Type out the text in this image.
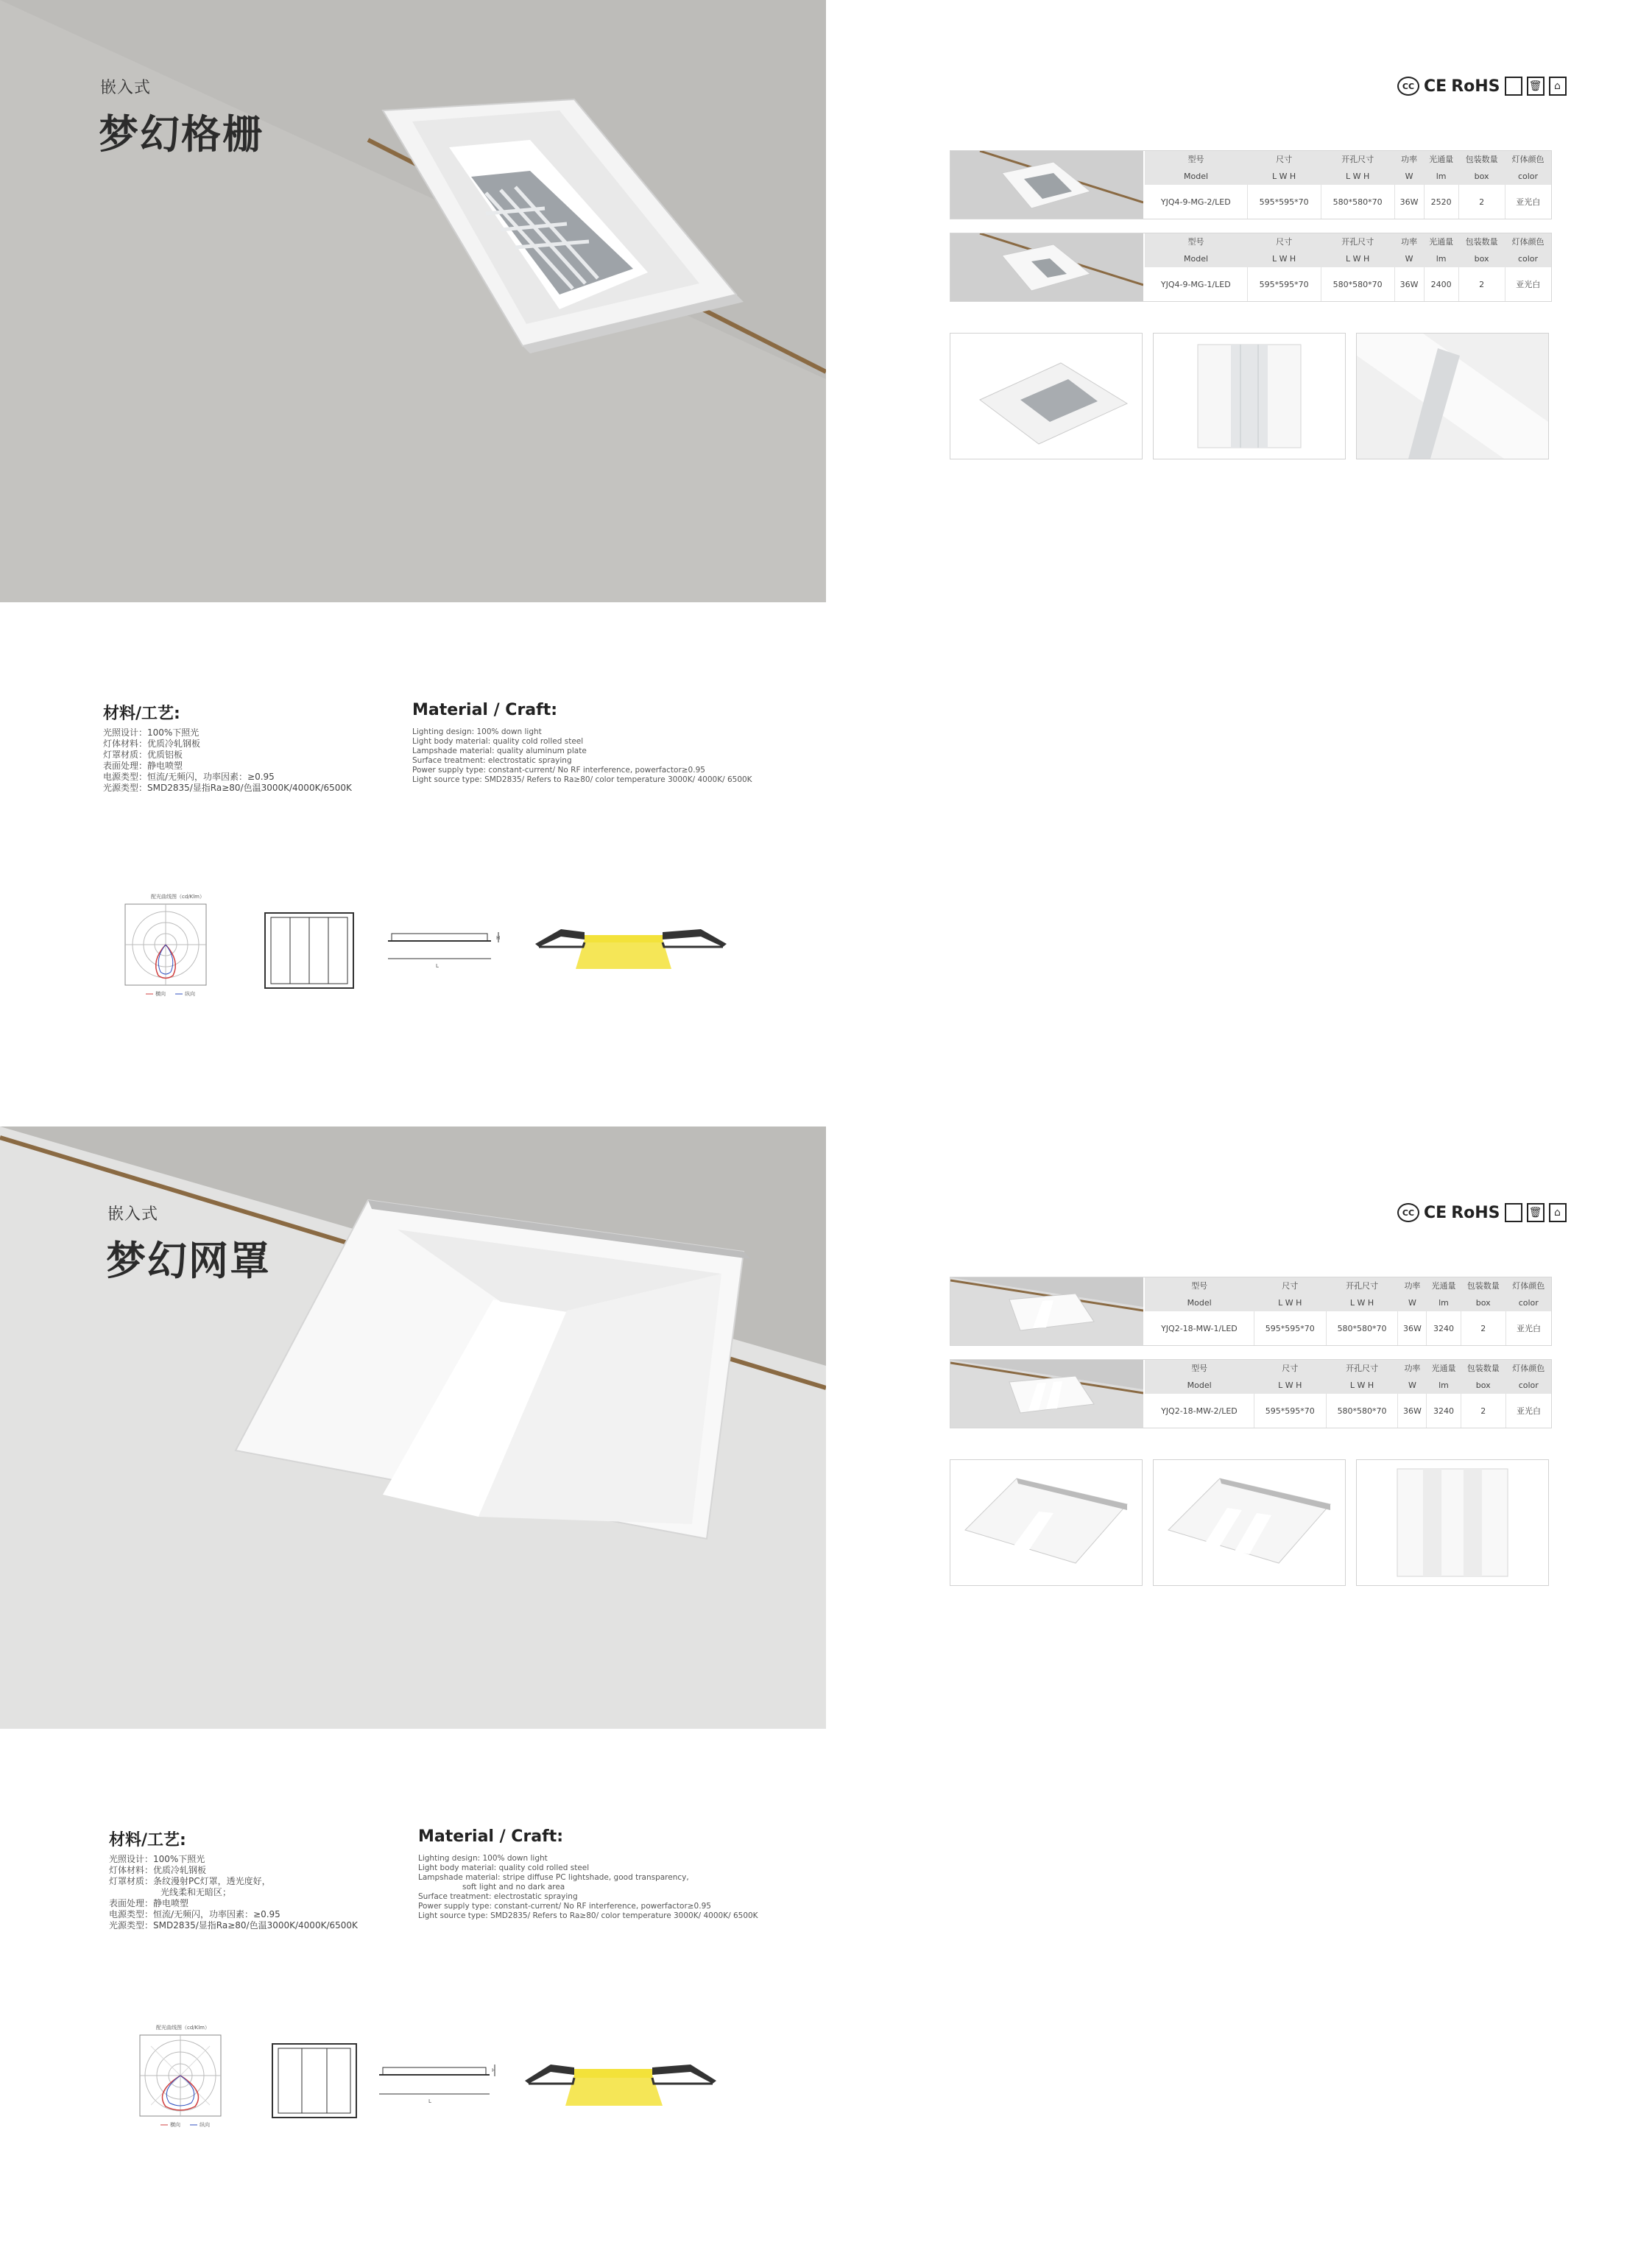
嵌入式
梦幻格栅
CC CE RoHS	🗑	⌂
型号	尺寸	开孔尺寸	功率	光通量	包装数量	灯体颜色
Model	L W H	L W H	W	lm	box	color
YJQ4-9-MG-2/LED	595*595*70	580*580*70	36W	2520	2	亚光白
型号	尺寸	开孔尺寸	功率	光通量	包装数量	灯体颜色
Model	L W H	L W H	W	lm	box	color
YJQ4-9-MG-1/LED	595*595*70	580*580*70	36W	2400	2	亚光白
材料/工艺:
光照设计：100%下照光
灯体材料：优质冷轧钢板
灯罩材质：优质铝板
表面处理：静电喷塑
电源类型：恒流/无频闪，功率因素：≥0.95
光源类型：SMD2835/显指Ra≥80/色温3000K/4000K/6500K
Material / Craft:
Lighting design: 100% down light
Light body material: quality cold rolled steel
Lampshade material: quality aluminum plate
Surface treatment: electrostatic spraying
Power supply type: constant-current/ No RF interference, powerfactor≥0.95
Light source type: SMD2835/ Refers to Ra≥80/ color temperature 3000K/ 4000K/ 6500K
配光曲线图（cd/Klm）
横向	纵向
H
L
嵌入式
梦幻网罩
CC CE RoHS	🗑	⌂
型号	尺寸	开孔尺寸	功率	光通量	包装数量	灯体颜色
Model	L W H	L W H	W	lm	box	color
YJQ2-18-MW-1/LED	595*595*70	580*580*70	36W	3240	2	亚光白
型号	尺寸	开孔尺寸	功率	光通量	包装数量	灯体颜色
Model	L W H	L W H	W	lm	box	color
YJQ2-18-MW-2/LED	595*595*70	580*580*70	36W	3240	2	亚光白
材料/工艺:
光照设计：100%下照光
灯体材料：优质冷轧钢板
灯罩材质：条纹漫射PC灯罩，透光度好，
光线柔和无暗区；
表面处理：静电喷塑
电源类型：恒流/无频闪，功率因素：≥0.95
光源类型：SMD2835/显指Ra≥80/色温3000K/4000K/6500K
Material / Craft:
Lighting design: 100% down light
Light body material: quality cold rolled steel
Lampshade material: stripe diffuse PC lightshade, good transparency,
soft light and no dark area
Surface treatment: electrostatic spraying
Power supply type: constant-current/ No RF interference, powerfactor≥0.95
Light source type: SMD2835/ Refers to Ra≥80/ color temperature 3000K/ 4000K/ 6500K
配光曲线图（cd/Klm）
横向	纵向
H
L
